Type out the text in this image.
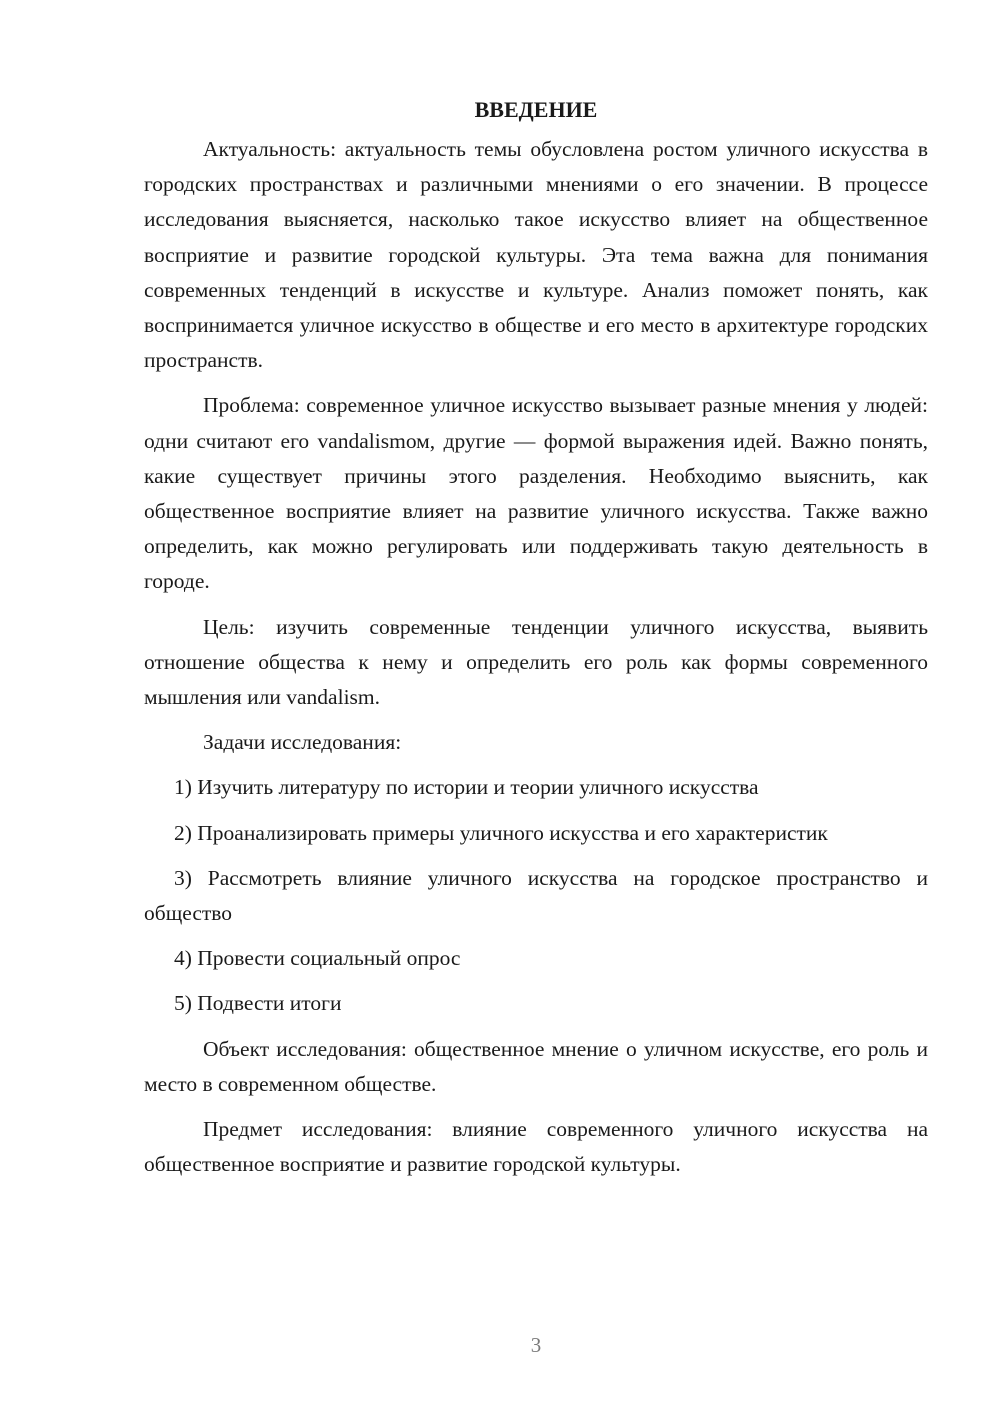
ВВЕДЕНИЕ

Актуальность: актуальность темы обусловлена ростом уличного искусства в городских пространствах и различными мнениями о его значении. В процессе исследования выясняется, насколько такое искусство влияет на общественное восприятие и развитие городской культуры. Эта тема важна для понимания современных тенденций в искусстве и культуре. Анализ поможет понять, как воспринимается уличное искусство в обществе и его место в архитектуре городских пространств.

Проблема: современное уличное искусство вызывает разные мнения у людей: одни считают его vandalismом, другие — формой выражения идей. Важно понять, какие существует причины этого разделения. Необходимо выяснить, как общественное восприятие влияет на развитие уличного искусства. Также важно определить, как можно регулировать или поддерживать такую деятельность в городе.

Цель: изучить современные тенденции уличного искусства, выявить отношение общества к нему и определить его роль как формы современного мышления или vandalism.

Задачи исследования:

1) Изучить литературу по истории и теории уличного искусства

2) Проанализировать примеры уличного искусства и его характеристик

3) Рассмотреть влияние уличного искусства на городское пространство и общество

4) Провести социальный опрос

5) Подвести итоги

Объект исследования: общественное мнение о уличном искусстве, его роль и место в современном обществе.

Предмет исследования: влияние современного уличного искусства на общественное восприятие и развитие городской культуры.

3
